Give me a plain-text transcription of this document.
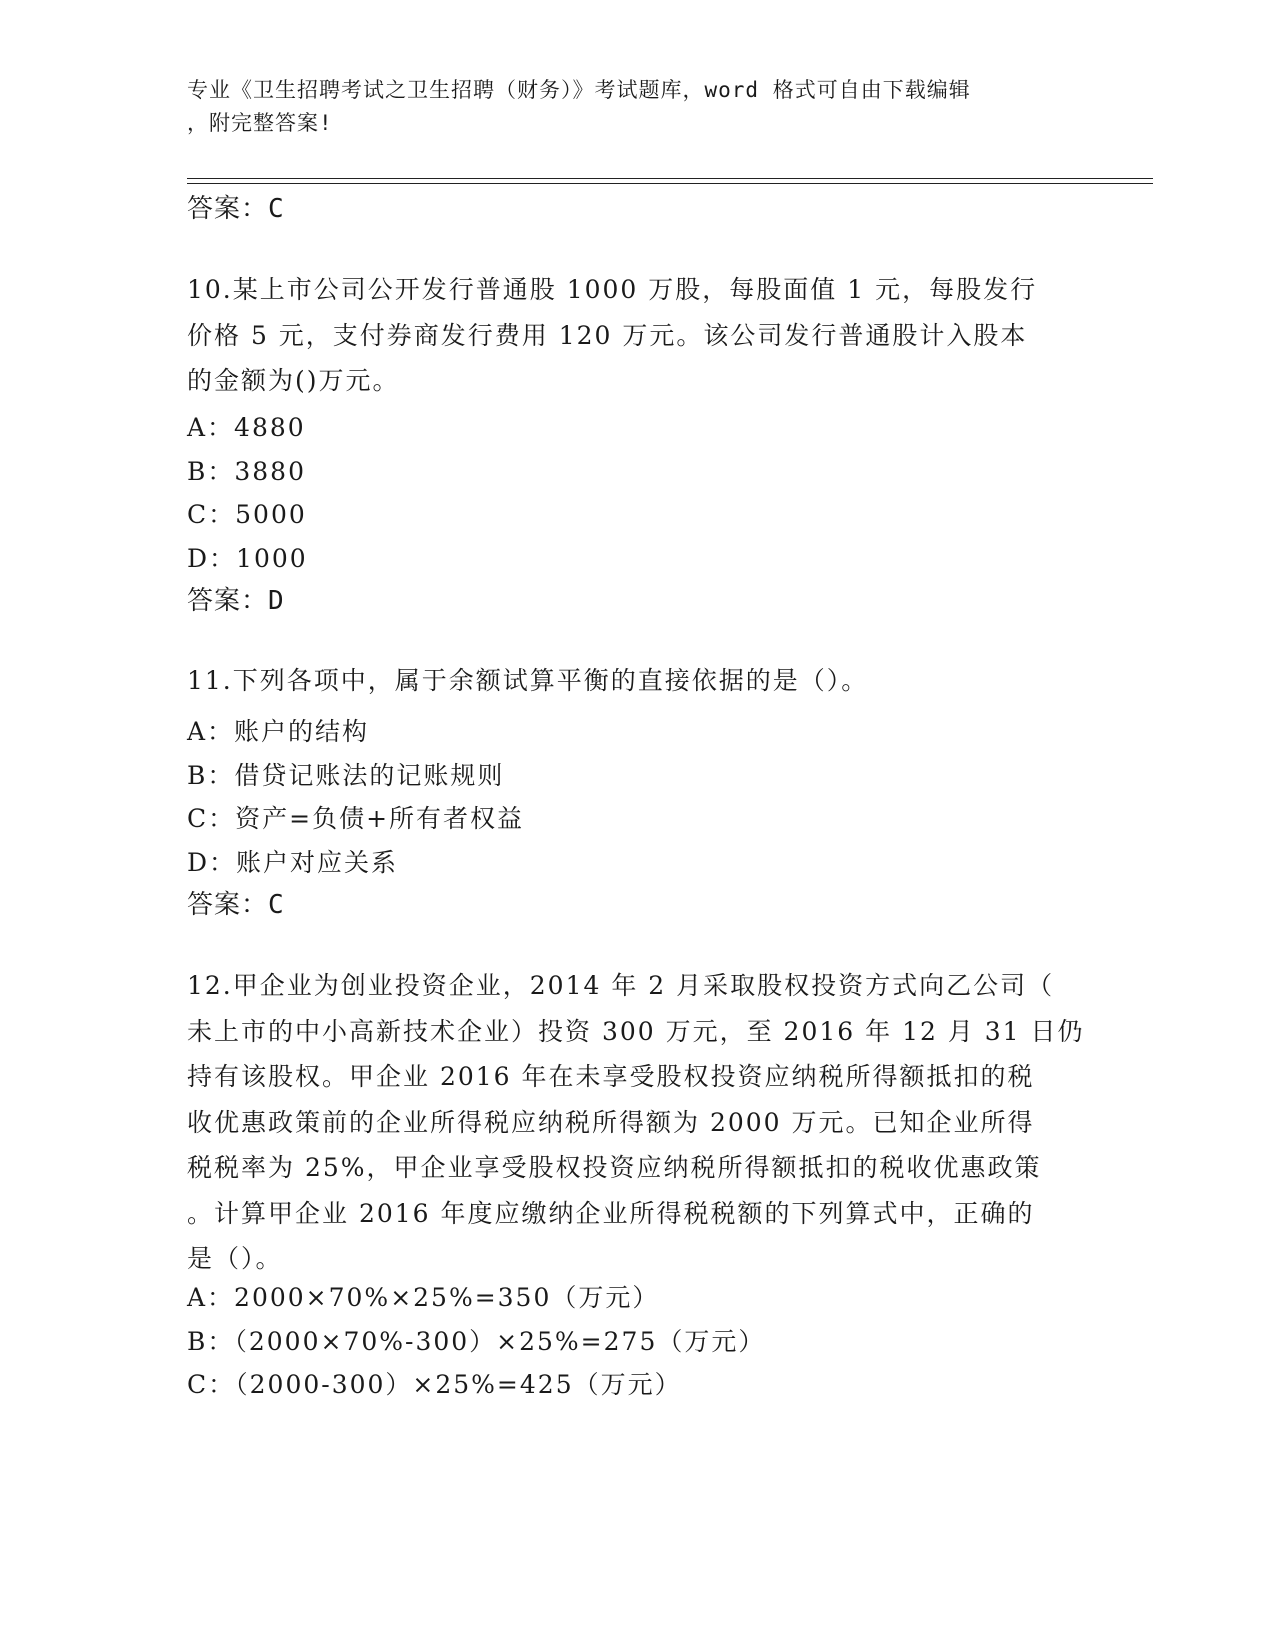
专业《卫生招聘考试之卫生招聘（财务）》考试题库，word 格式可自由下载编辑
，附完整答案!
答案：C
10.某上市公司公开发行普通股 1000 万股，每股面值 1 元，每股发行
价格 5 元，支付券商发行费用 120 万元。该公司发行普通股计入股本
的金额为()万元。
A：4880
B：3880
C：5000
D：1000
答案：D
11.下列各项中，属于余额试算平衡的直接依据的是（）。
A：账户的结构
B：借贷记账法的记账规则
C：资产=负债+所有者权益
D：账户对应关系
答案：C
12.甲企业为创业投资企业，2014 年 2 月采取股权投资方式向乙公司（
未上市的中小高新技术企业）投资 300 万元，至 2016 年 12 月 31 日仍
持有该股权。甲企业 2016 年在未享受股权投资应纳税所得额抵扣的税
收优惠政策前的企业所得税应纳税所得额为 2000 万元。已知企业所得
税税率为 25%，甲企业享受股权投资应纳税所得额抵扣的税收优惠政策
。计算甲企业 2016 年度应缴纳企业所得税税额的下列算式中，正确的
是（）。
A：2000×70%×25%=350（万元）
B：（2000×70%-300）×25%=275（万元）
C：（2000-300）×25%=425（万元）
